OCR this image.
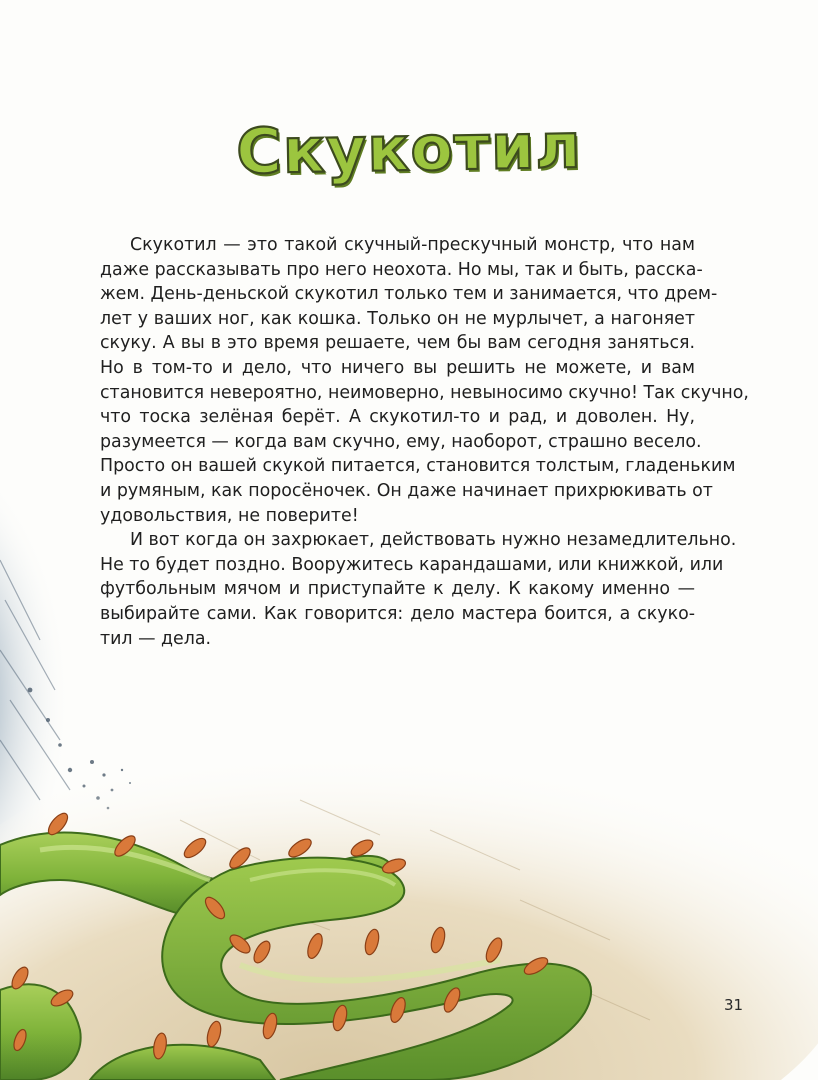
Скукотил
Скукотил — это такой скучный-прескучный монстр, что нам
даже рассказывать про него неохота. Но мы, так и быть, расска-
жем. День-деньской скукотил только тем и занимается, что дрем-
лет у ваших ног, как кошка. Только он не мурлычет, а нагоняет
скуку. А вы в это время решаете, чем бы вам сегодня заняться.
Но в том-то и дело, что ничего вы решить не можете, и вам
становится невероятно, неимоверно, невыносимо скучно! Так скучно,
что тоска зелёная берёт. А скукотил-то и рад, и доволен. Ну,
разумеется — когда вам скучно, ему, наоборот, страшно весело.
Просто он вашей скукой питается, становится толстым, гладеньким
и румяным, как поросёночек. Он даже начинает прихрюкивать от
удовольствия, не поверите!
И вот когда он захрюкает, действовать нужно незамедлительно.
Не то будет поздно. Вооружитесь карандашами, или книжкой, или
футбольным мячом и приступайте к делу. К какому именно —
выбирайте сами. Как говорится: дело мастера боится, а скуко-
тил — дела.
31
